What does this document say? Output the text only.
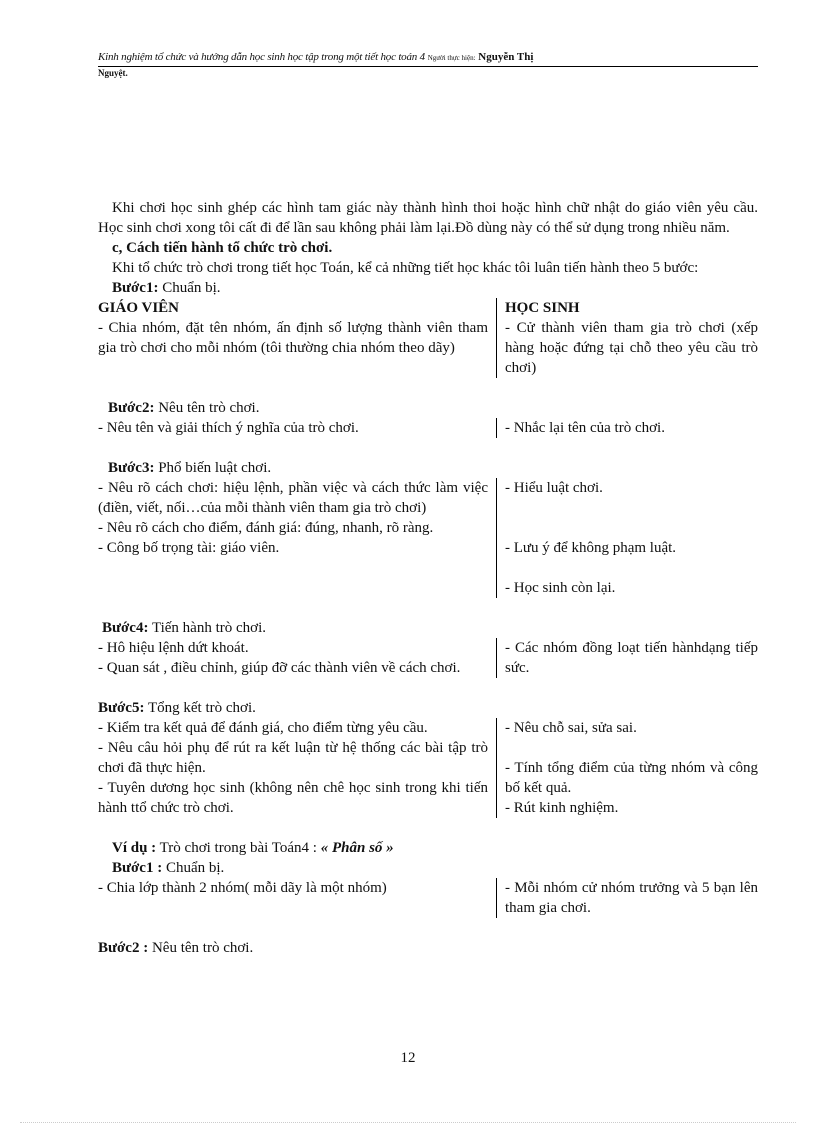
Kinh nghiệm tổ chức và hướng dẫn học sinh học tập trong một tiết học toán 4 Người thực hiện: Nguyễn Thị
Nguyệt.

Khi chơi học sinh ghép các hình tam giác này thành hình thoi hoặc hình chữ nhật do giáo viên yêu cầu. Học sinh chơi xong tôi cất đi để lần sau không phải làm lại.Đồ dùng này có thể sử dụng trong nhiều năm.

c, Cách tiến hành tổ chức trò chơi.

Khi tổ chức trò chơi trong tiết học Toán, kể cả những tiết học khác tôi luân tiến hành theo 5 bước:

Bước1: Chuẩn bị.

GIÁO VIÊN
- Chia nhóm, đặt tên nhóm, ấn định số lượng thành viên tham gia trò chơi cho mỗi nhóm (tôi thường chia nhóm theo dãy)
HỌC SINH
- Cử thành viên tham gia trò chơi (xếp hàng hoặc đứng tại chỗ theo yêu cầu trò chơi)

Bước2: Nêu tên trò chơi.

- Nêu tên và giải thích ý nghĩa của trò chơi.	- Nhắc lại tên của trò chơi.

Bước3: Phổ biến luật chơi.

- Nêu rõ cách chơi: hiệu lệnh, phần việc và cách thức làm việc (điền, viết, nối…của mỗi thành viên tham gia trò chơi)
- Nêu rõ cách cho điểm, đánh giá: đúng, nhanh, rõ ràng.
- Công bố trọng tài: giáo viên.
- Hiểu luật chơi.
- Lưu ý để không phạm luật.
- Học sinh còn lại.

Bước4: Tiến hành trò chơi.

- Hô hiệu lệnh dứt khoát.
- Quan sát , điều chỉnh, giúp đỡ các thành viên về cách chơi.
- Các nhóm đồng loạt tiến hànhdạng tiếp sức.

Bước5: Tổng kết trò chơi.

- Kiểm tra kết quả để đánh giá, cho điểm từng yêu cầu.
- Nêu câu hỏi phụ để rút ra kết luận từ hệ thống các bài tập trò chơi đã thực hiện.
- Tuyên dương học sinh (không nên chê học sinh trong khi tiến hành ttổ chức trò chơi.
- Nêu chỗ sai, sửa sai.
- Tính tổng điểm của từng nhóm và công bố kết quả.
- Rút kinh nghiệm.

Ví dụ : Trò chơi trong bài Toán4 : « Phân số »

Bước1 : Chuẩn bị.

- Chia lớp thành 2 nhóm( mỗi dãy là một nhóm)	- Mỗi nhóm cử nhóm trưởng và 5 bạn lên tham gia chơi.

Bước2 : Nêu tên trò chơi.

12
